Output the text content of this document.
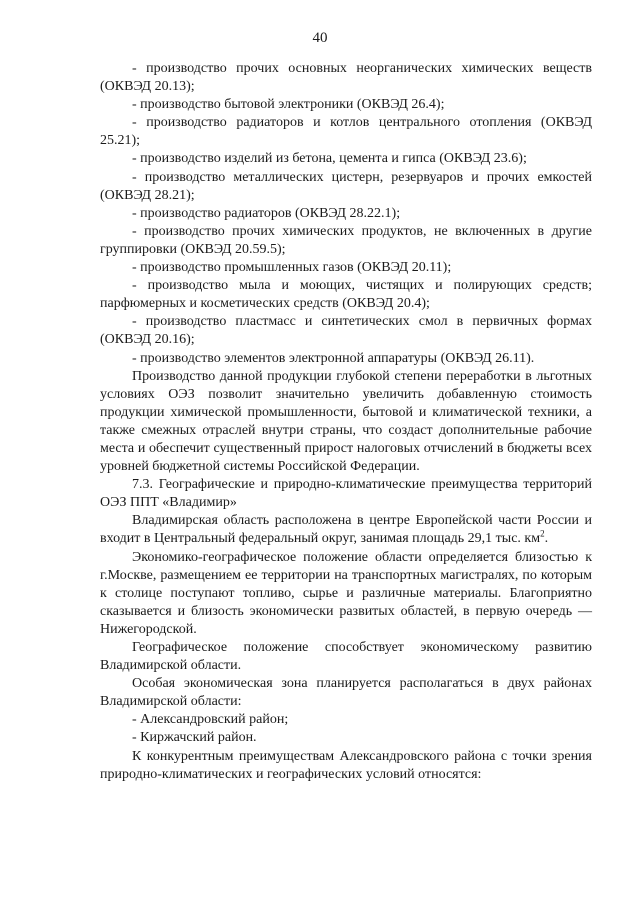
40

- производство прочих основных неорганических химических веществ (ОКВЭД 20.13);

- производство бытовой электроники (ОКВЭД 26.4);

- производство радиаторов и котлов центрального отопления (ОКВЭД 25.21);

- производство изделий из бетона, цемента и гипса (ОКВЭД 23.6);

- производство металлических цистерн, резервуаров и прочих емкостей (ОКВЭД 28.21);

- производство радиаторов (ОКВЭД 28.22.1);

- производство прочих химических продуктов, не включенных в другие группировки (ОКВЭД 20.59.5);

- производство промышленных газов (ОКВЭД 20.11);

- производство мыла и моющих, чистящих и полирующих средств; парфюмерных и косметических средств (ОКВЭД 20.4);

- производство пластмасс и синтетических смол в первичных формах (ОКВЭД 20.16);

- производство элементов электронной аппаратуры (ОКВЭД 26.11).

Производство данной продукции глубокой степени переработки в льготных условиях ОЭЗ позволит значительно увеличить добавленную стоимость продукции химической промышленности, бытовой и климатической техники, а также смежных отраслей внутри страны, что создаст дополнительные рабочие места и обеспечит существенный прирост налоговых отчислений в бюджеты всех уровней бюджетной системы Российской Федерации.

7.3. Географические и природно-климатические преимущества территорий ОЭЗ ППТ «Владимир»

Владимирская область расположена в центре Европейской части России и входит в Центральный федеральный округ, занимая площадь 29,1 тыс. $км^2$.

Экономико-географическое положение области определяется близостью к г.Москве, размещением ее территории на транспортных магистралях, по которым к столице поступают топливо, сырье и различные материалы. Благоприятно сказывается и близость экономически развитых областей, в первую очередь — Нижегородской.

Географическое положение способствует экономическому развитию Владимирской области.

Особая экономическая зона планируется располагаться в двух районах Владимирской области:

- Александровский район;

- Киржачский район.

К конкурентным преимуществам Александровского района с точки зрения природно-климатических и географических условий относятся:
